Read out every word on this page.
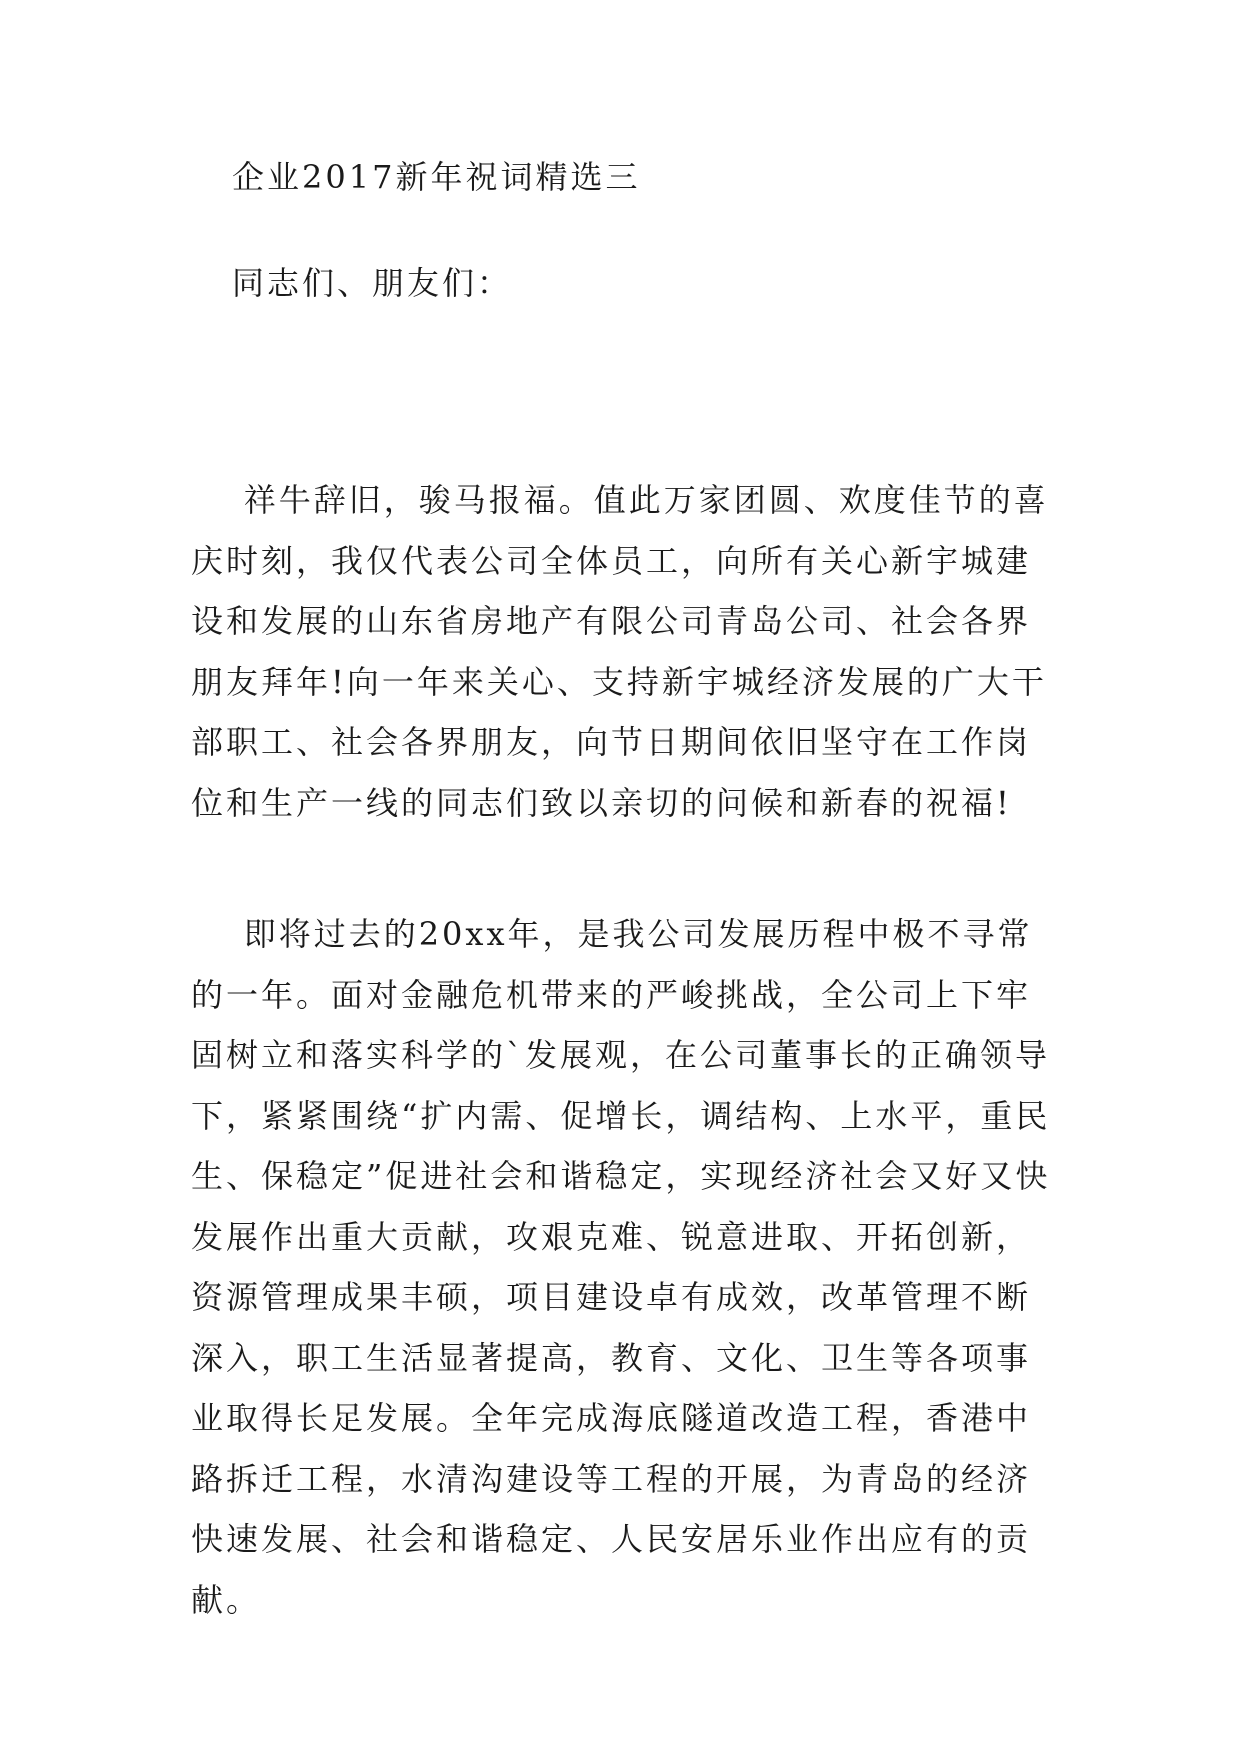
企业2017新年祝词精选三

同志们、朋友们：

祥牛辞旧，骏马报福。值此万家团圆、欢度佳节的喜庆时刻，我仅代表公司全体员工，向所有关心新宇城建设和发展的山东省房地产有限公司青岛公司、社会各界朋友拜年!向一年来关心、支持新宇城经济发展的广大干部职工、社会各界朋友，向节日期间依旧坚守在工作岗位和生产一线的同志们致以亲切的问候和新春的祝福!

即将过去的20xx年，是我公司发展历程中极不寻常的一年。面对金融危机带来的严峻挑战，全公司上下牢固树立和落实科学的`发展观，在公司董事长的正确领导下，紧紧围绕“扩内需、促增长，调结构、上水平，重民生、保稳定”促进社会和谐稳定，实现经济社会又好又快发展作出重大贡献，攻艰克难、锐意进取、开拓创新，资源管理成果丰硕，项目建设卓有成效，改革管理不断深入，职工生活显著提高，教育、文化、卫生等各项事业取得长足发展。全年完成海底隧道改造工程，香港中路拆迁工程，水清沟建设等工程的开展，为青岛的经济快速发展、社会和谐稳定、人民安居乐业作出应有的贡献。
